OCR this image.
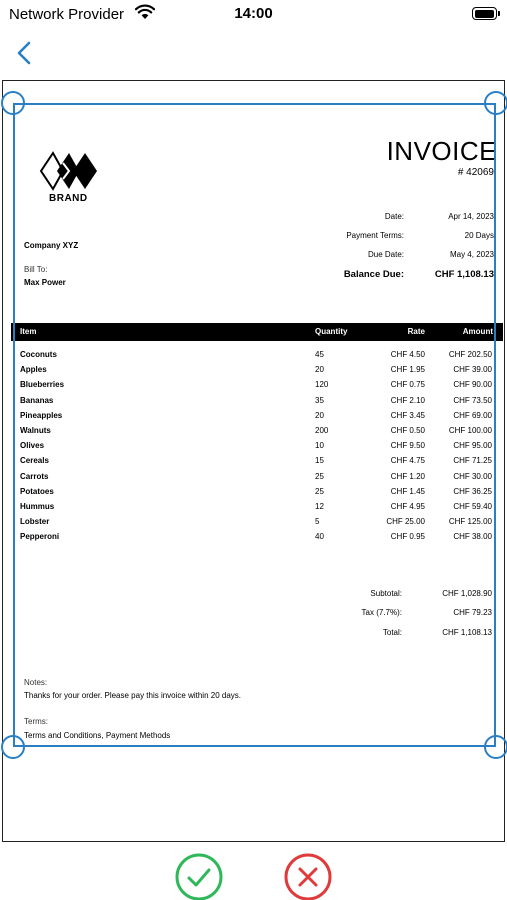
Network Provider	14:00
BRAND
INVOICE
# 42069
Date:	Apr 14, 2023
Payment Terms:	20 Days
Due Date:	May 4, 2023
Balance Due:	CHF 1,108.13
Company XYZ
Bill To:
Max Power
Item	Quantity	Rate	Amount
Coconuts	45	CHF 4.50	CHF 202.50
Apples	20	CHF 1.95	CHF 39.00
Blueberries	120	CHF 0.75	CHF 90.00
Bananas	35	CHF 2.10	CHF 73.50
Pineapples	20	CHF 3.45	CHF 69.00
Walnuts	200	CHF 0.50	CHF 100.00
Olives	10	CHF 9.50	CHF 95.00
Cereals	15	CHF 4.75	CHF 71.25
Carrots	25	CHF 1.20	CHF 30.00
Potatoes	25	CHF 1.45	CHF 36.25
Hummus	12	CHF 4.95	CHF 59.40
Lobster	5	CHF 25.00	CHF 125.00
Pepperoni	40	CHF 0.95	CHF 38.00
Subtotal:	CHF 1,028.90
Tax (7.7%):	CHF 79.23
Total:	CHF 1,108.13
Notes:
Thanks for your order. Please pay this invoice within 20 days.
Terms:
Terms and Conditions, Payment Methods
